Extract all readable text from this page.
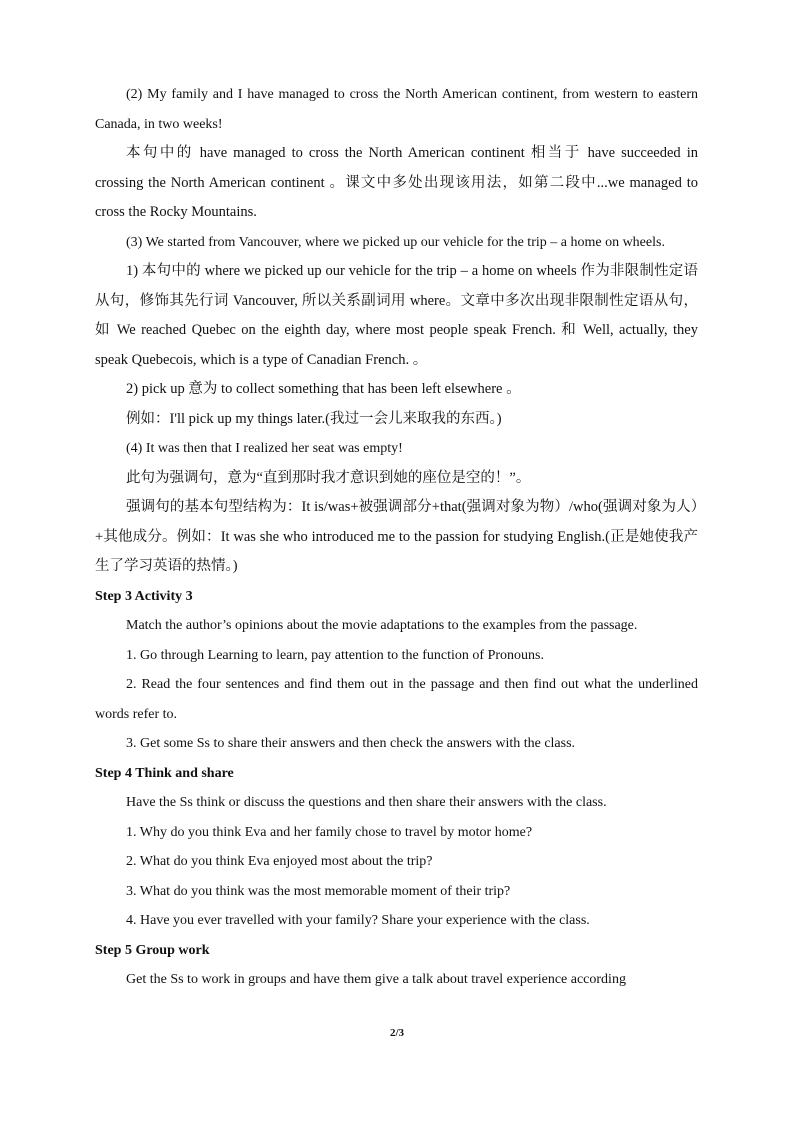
(2) My family and I have managed to cross the North American continent, from western to eastern Canada, in two weeks!

本句中的 have managed to cross the North American continent 相当于 have succeeded in crossing the North American continent 。课文中多处出现该用法，如第二段中...we managed to cross the Rocky Mountains.

(3) We started from Vancouver, where we picked up our vehicle for the trip – a home on wheels.

1) 本句中的 where we picked up our vehicle for the trip – a home on wheels 作为非限制性定语从句，修饰其先行词 Vancouver, 所以关系副词用 where。文章中多次出现非限制性定语从句，如 We reached Quebec on the eighth day, where most people speak French. 和 Well, actually, they speak Quebecois, which is a type of Canadian French. 。

2) pick up 意为 to collect something that has been left elsewhere 。

例如：I'll pick up my things later.(我过一会儿来取我的东西。)

(4) It was then that I realized her seat was empty!

此句为强调句，意为“直到那时我才意识到她的座位是空的！”。

强调句的基本句型结构为：It is/was+被强调部分+that(强调对象为物）/who(强调对象为人）+其他成分。例如：It was she who introduced me to the passion for studying English.(正是她使我产生了学习英语的热情。)

Step 3 Activity 3

Match the author’s opinions about the movie adaptations to the examples from the passage.

1. Go through Learning to learn, pay attention to the function of Pronouns.

2. Read the four sentences and find them out in the passage and then find out what the underlined words refer to.

3. Get some Ss to share their answers and then check the answers with the class.

Step 4 Think and share

Have the Ss think or discuss the questions and then share their answers with the class.

1. Why do you think Eva and her family chose to travel by motor home?

2. What do you think Eva enjoyed most about the trip?

3. What do you think was the most memorable moment of their trip?

4. Have you ever travelled with your family? Share your experience with the class.

Step 5 Group work

Get the Ss to work in groups and have them give a talk about travel experience according

2/3
